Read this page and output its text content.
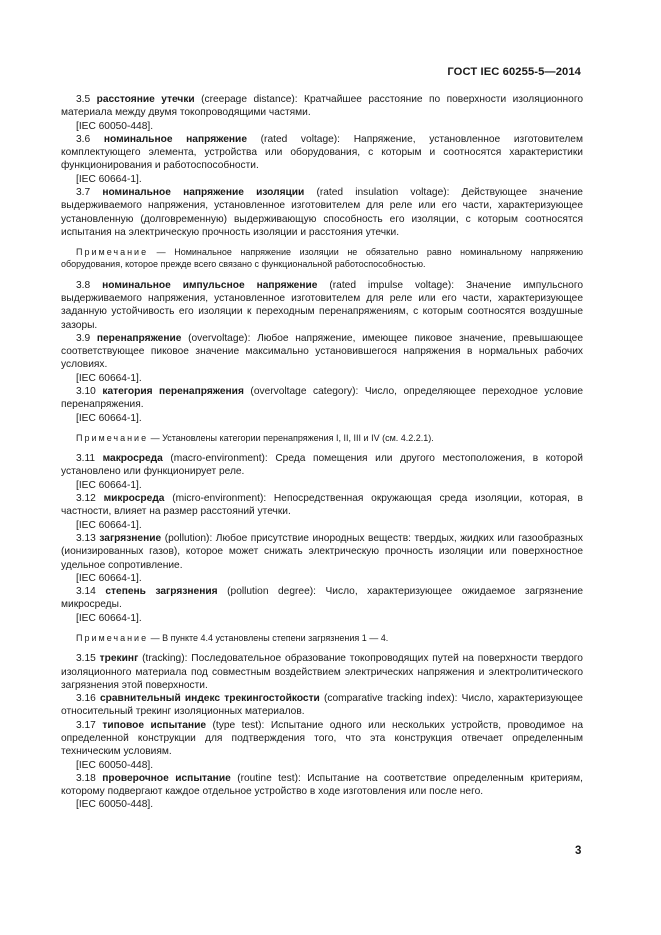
ГОСТ IEC 60255-5—2014

3.5 расстояние утечки (creepage distance): Кратчайшее расстояние по поверхности изоляционного материала между двумя токопроводящими частями.

[IEC 60050-448].

3.6 номинальное напряжение (rated voltage): Напряжение, установленное изготовителем комплектующего элемента, устройства или оборудования, с которым и соотносятся характеристики функционирования и работоспособности.

[IEC 60664-1].

3.7 номинальное напряжение изоляции (rated insulation voltage): Действующее значение выдерживаемого напряжения, установленное изготовителем для реле или его части, характеризующее установленную (долговременную) выдерживающую способность его изоляции, с которым соотносятся испытания на электрическую прочность изоляции и расстояния утечки.

Примечание — Номинальное напряжение изоляции не обязательно равно номинальному напряжению оборудования, которое прежде всего связано с функциональной работоспособностью.

3.8 номинальное импульсное напряжение (rated impulse voltage): Значение импульсного выдерживаемого напряжения, установленное изготовителем для реле или его части, характеризующее заданную устойчивость его изоляции к переходным перенапряжениям, с которым соотносятся воздушные зазоры.

3.9 перенапряжение (overvoltage): Любое напряжение, имеющее пиковое значение, превышающее соответствующее пиковое значение максимально установившегося напряжения в нормальных рабочих условиях.

[IEC 60664-1].

3.10 категория перенапряжения (overvoltage category): Число, определяющее переходное условие перенапряжения.

[IEC 60664-1].

Примечание — Установлены категории перенапряжения I, II, III и IV (см. 4.2.2.1).

3.11 макросреда (macro-environment): Среда помещения или другого местоположения, в которой установлено или функционирует реле.

[IEC 60664-1].

3.12 микросреда (micro-environment): Непосредственная окружающая среда изоляции, которая, в частности, влияет на размер расстояний утечки.

[IEC 60664-1].

3.13 загрязнение (pollution): Любое присутствие инородных веществ: твердых, жидких или газообразных (ионизированных газов), которое может снижать электрическую прочность изоляции или поверхностное удельное сопротивление.

[IEC 60664-1].

3.14 степень загрязнения (pollution degree): Число, характеризующее ожидаемое загрязнение микросреды.

[IEC 60664-1].

Примечание — В пункте 4.4 установлены степени загрязнения 1 — 4.

3.15 трекинг (tracking): Последовательное образование токопроводящих путей на поверхности твердого изоляционного материала под совместным воздействием электрических напряжения и электролитического загрязнения этой поверхности.

3.16 сравнительный индекс трекингостойкости (comparative tracking index): Число, характеризующее относительный трекинг изоляционных материалов.

3.17 типовое испытание (type test): Испытание одного или нескольких устройств, проводимое на определенной конструкции для подтверждения того, что эта конструкция отвечает определенным техническим условиям.

[IEC 60050-448].

3.18 проверочное испытание (routine test): Испытание на соответствие определенным критериям, которому подвергают каждое отдельное устройство в ходе изготовления или после него.

[IEC 60050-448].

3
